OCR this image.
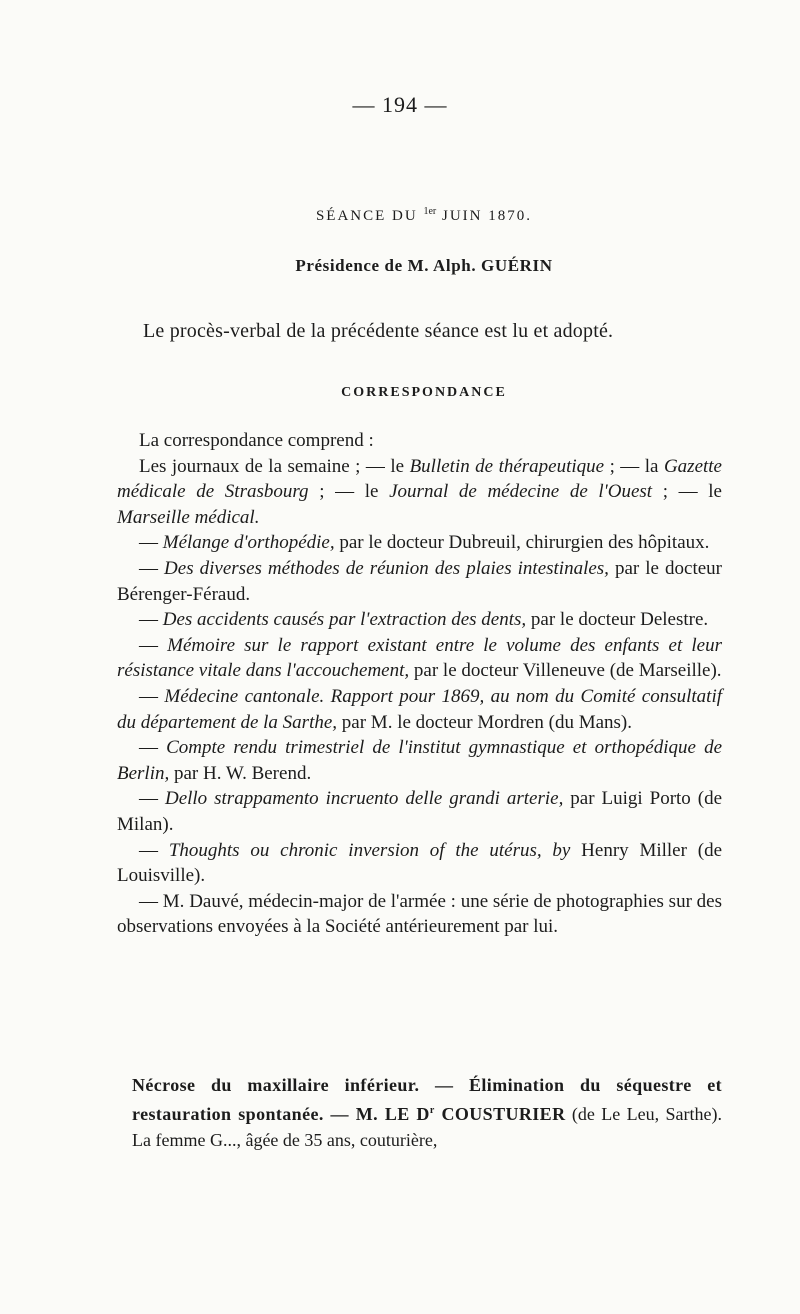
— 194 —
SÉANCE DU $^{1er}$ JUIN 1870.
Présidence de M. Alph. GUÉRIN
Le procès-verbal de la précédente séance est lu et adopté.
CORRESPONDANCE

La correspondance comprend :

Les journaux de la semaine ; — le Bulletin de thérapeutique ; — la Gazette médicale de Strasbourg ; — le Journal de médecine de l'Ouest ; — le Marseille médical.

— Mélange d'orthopédie, par le docteur Dubreuil, chirurgien des hôpitaux.

— Des diverses méthodes de réunion des plaies intestinales, par le docteur Bérenger-Féraud.

— Des accidents causés par l'extraction des dents, par le docteur Delestre.

— Mémoire sur le rapport existant entre le volume des enfants et leur résistance vitale dans l'accouchement, par le docteur Villeneuve (de Marseille).

— Médecine cantonale. Rapport pour 1869, au nom du Comité consultatif du département de la Sarthe, par M. le docteur Mordren (du Mans).

— Compte rendu trimestriel de l'institut gymnastique et orthopédique de Berlin, par H. W. Berend.

— Dello strappamento incruento delle grandi arterie, par Luigi Porto (de Milan).

— Thoughts ou chronic inversion of the utérus, by Henry Miller (de Louisville).

— M. Dauvé, médecin-major de l'armée : une série de photographies sur des observations envoyées à la Société antérieurement par lui.

Nécrose du maxillaire inférieur. — Élimination du séquestre et restauration spontanée. — M. LE $D^r$ COUSTURIER (de Le Leu, Sarthe). La femme G..., âgée de 35 ans, couturière,
